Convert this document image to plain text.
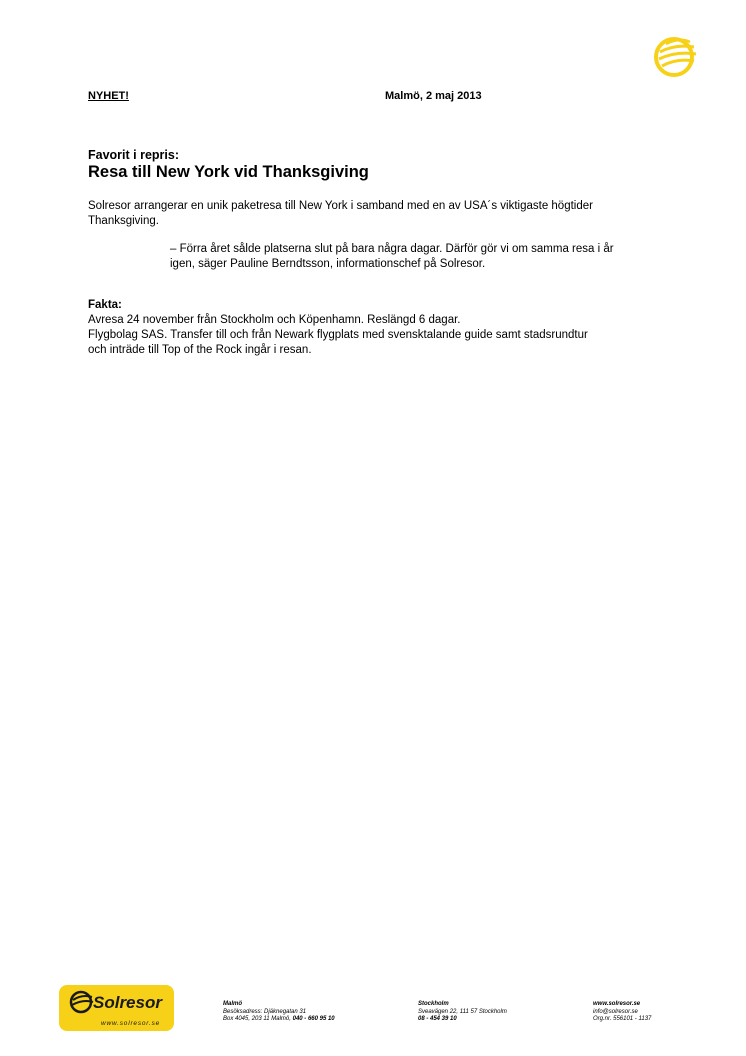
NYHET!	Malmö, 2 maj 2013
Favorit i repris:
Resa till New York vid Thanksgiving
Solresor arrangerar en unik paketresa till New York i samband med en av USA´s viktigaste högtider
Thanksgiving.
– Förra året sålde platserna slut på bara några dagar. Därför gör vi om samma resa i år
igen, säger Pauline Berndtsson, informationschef på Solresor.
Fakta:
Avresa 24 november från Stockholm och Köpenhamn. Reslängd 6 dagar.
Flygbolag SAS. Transfer till och från Newark flygplats med svensktalande guide samt stadsrundtur
och inträde till Top of the Rock ingår i resan.
Solresor
www.solresor.se
Malmö
Besöksadress: Djäknegatan 31
Box 4045, 203 11 Malmö, 040 - 660 95 10
Stockholm
Sveavägen 22, 111 57 Stockholm
08 - 454 39 10
www.solresor.se
info@solresor.se
Org.nr. 556101 - 1137
